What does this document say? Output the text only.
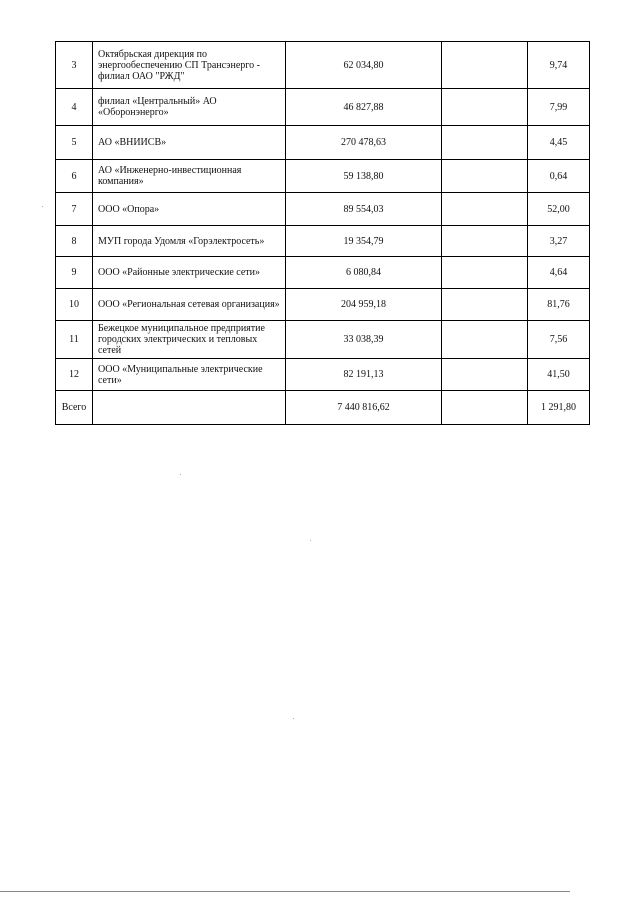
3	Октябрьская дирекция по энергообеспечению СП Трансэнерго - филиал ОАО "РЖД"	62 034,80		9,74
4	филиал «Центральный» АО «Оборонэнерго»	46 827,88		7,99
5	АО «ВНИИСВ»	270 478,63		4,45
6	АО «Инженерно-инвестиционная компания»	59 138,80		0,64
7	ООО «Опора»	89 554,03		52,00
8	МУП города Удомля «Горэлектросеть»	19 354,79		3,27
9	ООО «Районные электрические сети»	6 080,84		4,64
10	ООО «Региональная сетевая организация»	204 959,18		81,76
11	Бежецкое муниципальное предприятие городских электрических и тепловых сетей	33 038,39		7,56
12	ООО «Муниципальные электрические сети»	82 191,13		41,50
Всего		7 440 816,62		1 291,80
